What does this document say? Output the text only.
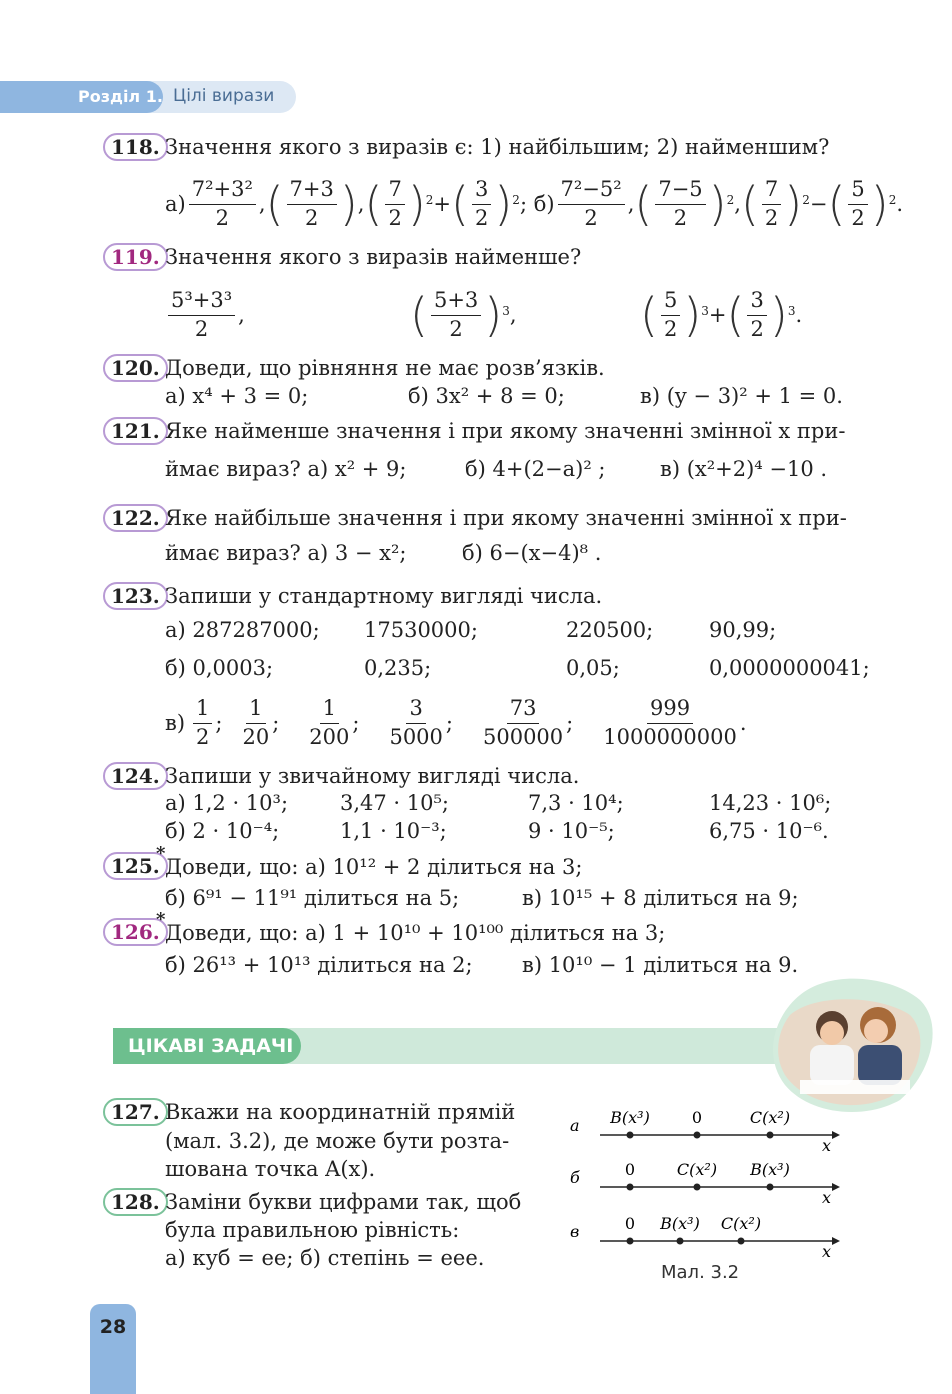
Розділ 1. Цілі вирази
118. Значення якого з виразів є: 1) найбільшим; 2) найменшим?
$а) \frac{\text{7²+3²}}{2}$ , ( $\frac{7+3}{2}$ ) , ( $\frac{7}{2} )^2$ + ( $\frac{3}{2} )^2$ ; $б) \frac{\text{7²−5²}}{2}$ , ( $\frac{7-5}{2} )^2$ , ( $\frac{7}{2} )^2$ − ( $\frac{5}{2} )^2$ .
119. Значення якого з виразів найменше?
$\frac{\text{5³+3³}}{2}$ ,	( $\frac{5+3}{2} )^3$ ,	( $\frac{5}{2} )^3$ + ( $\frac{3}{2} )^3$ .
120. Доведи, що рівняння не має розв’язків.
а) x⁴ + 3 = 0;	б) 3x² + 8 = 0;	в) (y − 3)² + 1 = 0.
121. Яке найменше значення і при якому значенні змінної x при-
ймає вираз? а) x² + 9;	б) 4+(2−a)² ;	в) (x²+2)⁴ −10 .
122. Яке найбільше значення і при якому значенні змінної x при-
ймає вираз? а) 3 − x²;	б) 6−(x−4)⁸ .
123. Запиши у стандартному вигляді числа.
а) 287287000; 17530000;	220500;	90,99;
б) 0,0003;	0,235;	0,05;	0,0000000041;
$в) \frac{1}{2}$ ; $\frac{1}{20}$ ; $\frac{1}{200}$ ; $\frac{3}{5000}$ ; $\frac{73}{500000}$ ; $\frac{999}{1000000000}$ .
124. Запиши у звичайному вигляді числа.
а) 1,2 · 10³; 3,47 · 10⁵;	7,3 · 10⁴;	14,23 · 10⁶;
б) 2 · 10⁻⁴;	1,1 · 10⁻³;	9 · 10⁻⁵;	6,75 · 10⁻⁶.
125.
*
Доведи, що: а) 10¹² + 2 ділиться на 3;
б) 6⁹¹ − 11⁹¹ ділиться на 5;	в) 10¹⁵ + 8 ділиться на 9;
126.
*
Доведи, що: а) 1 + 10¹⁰ + 10¹⁰⁰ ділиться на 3;
б) 26¹³ + 10¹³ ділиться на 2; в) 10¹⁰ − 1 ділиться на 9.
ЦІКАВІ ЗАДАЧІ
127. Вкажи на координатній прямій
(мал. 3.2), де може бути розта-
шована точка A(x).
128. Заміни букви цифрами так, щоб
була правильною рівність:
а) куб = ее; б) степінь = еее.
а
x
B(x³)	0	C(x²)
б
x
0	C(x²) B(x³)
в
x
0 B(x³) C(x²)
Мал. 3.2
28
